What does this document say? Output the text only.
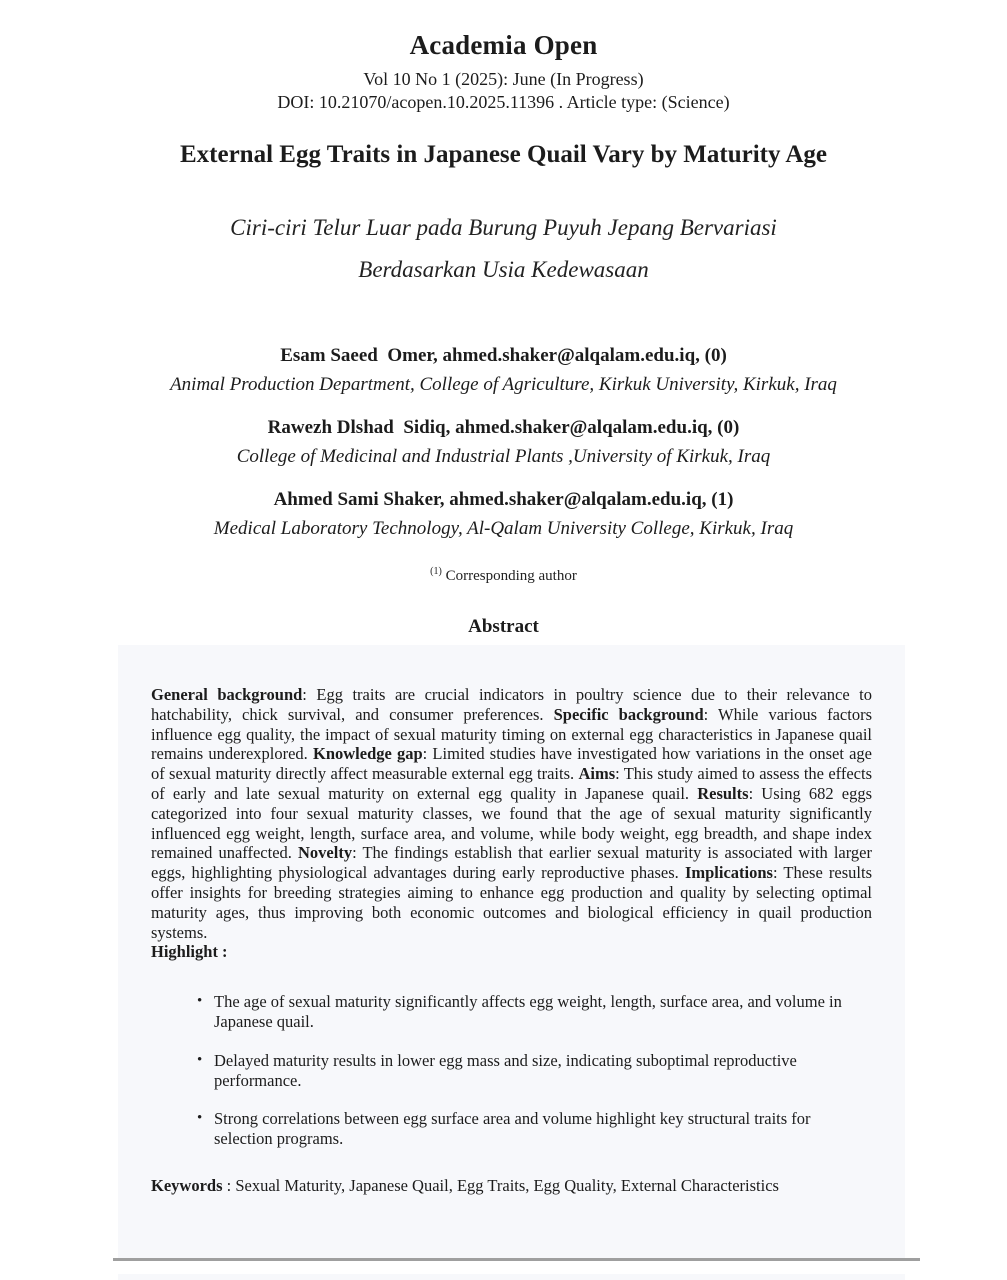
Academia Open
Vol 10 No 1 (2025): June (In Progress)
DOI: 10.21070/acopen.10.2025.11396 . Article type: (Science)
External Egg Traits in Japanese Quail Vary by Maturity Age
Ciri-ciri Telur Luar pada Burung Puyuh Jepang Bervariasi
Berdasarkan Usia Kedewasaan
Esam Saeed  Omer, ahmed.shaker@alqalam.edu.iq, (0)
Animal Production Department, College of Agriculture, Kirkuk University, Kirkuk, Iraq
Rawezh Dlshad  Sidiq, ahmed.shaker@alqalam.edu.iq, (0)
College of Medicinal and Industrial Plants ,University of Kirkuk, Iraq
Ahmed Sami Shaker, ahmed.shaker@alqalam.edu.iq, (1)
Medical Laboratory Technology, Al-Qalam University College, Kirkuk, Iraq
$^{(1)}$ Corresponding author
Abstract

General background: Egg traits are crucial indicators in poultry science due to their relevance to hatchability, chick survival, and consumer preferences. Specific background: While various factors influence egg quality, the impact of sexual maturity timing on external egg characteristics in Japanese quail remains underexplored. Knowledge gap: Limited studies have investigated how variations in the onset age of sexual maturity directly affect measurable external egg traits. Aims: This study aimed to assess the effects of early and late sexual maturity on external egg quality in Japanese quail. Results: Using 682 eggs categorized into four sexual maturity classes, we found that the age of sexual maturity significantly influenced egg weight, length, surface area, and volume, while body weight, egg breadth, and shape index remained unaffected. Novelty: The findings establish that earlier sexual maturity is associated with larger eggs, highlighting physiological advantages during early reproductive phases. Implications: These results offer insights for breeding strategies aiming to enhance egg production and quality by selecting optimal maturity ages, thus improving both economic outcomes and biological efficiency in quail production systems.

Highlight :
• The age of sexual maturity significantly affects egg weight, length, surface area, and volume in Japanese quail.
• Delayed maturity results in lower egg mass and size, indicating suboptimal reproductive performance.
• Strong correlations between egg surface area and volume highlight key structural traits for selection programs.

Keywords : Sexual Maturity, Japanese Quail, Egg Traits, Egg Quality, External Characteristics
